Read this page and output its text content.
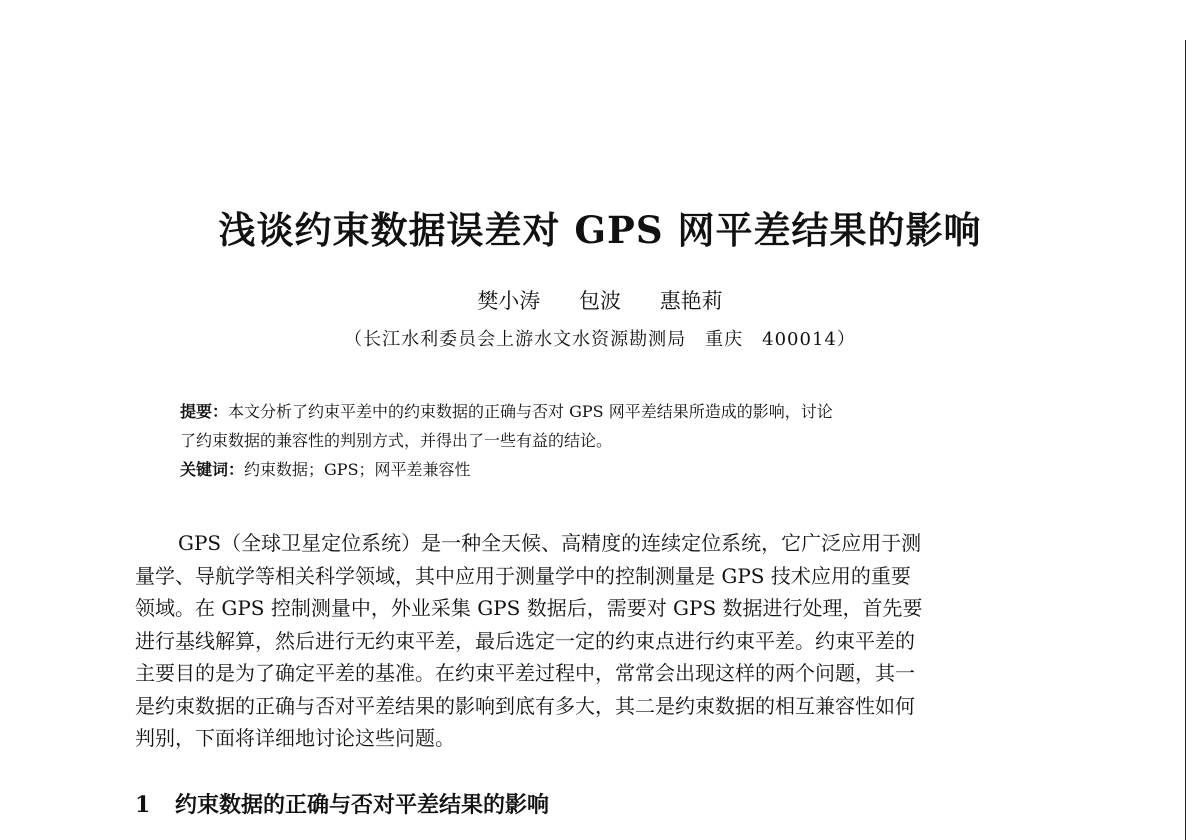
浅谈约束数据误差对 GPS 网平差结果的影响
樊小涛 包波 惠艳莉
（长江水利委员会上游水文水资源勘测局　重庆　400014）
提要：本文分析了约束平差中的约束数据的正确与否对 GPS 网平差结果所造成的影响，讨论
了约束数据的兼容性的判别方式，并得出了一些有益的结论。
关键词：约束数据；GPS；网平差兼容性
GPS（全球卫星定位系统）是一种全天候、高精度的连续定位系统，它广泛应用于测
量学、导航学等相关科学领域，其中应用于测量学中的控制测量是 GPS 技术应用的重要
领域。在 GPS 控制测量中，外业采集 GPS 数据后，需要对 GPS 数据进行处理，首先要
进行基线解算，然后进行无约束平差，最后选定一定的约束点进行约束平差。约束平差的
主要目的是为了确定平差的基准。在约束平差过程中，常常会出现这样的两个问题，其一
是约束数据的正确与否对平差结果的影响到底有多大，其二是约束数据的相互兼容性如何
判别，下面将详细地讨论这些问题。
1 约束数据的正确与否对平差结果的影响
